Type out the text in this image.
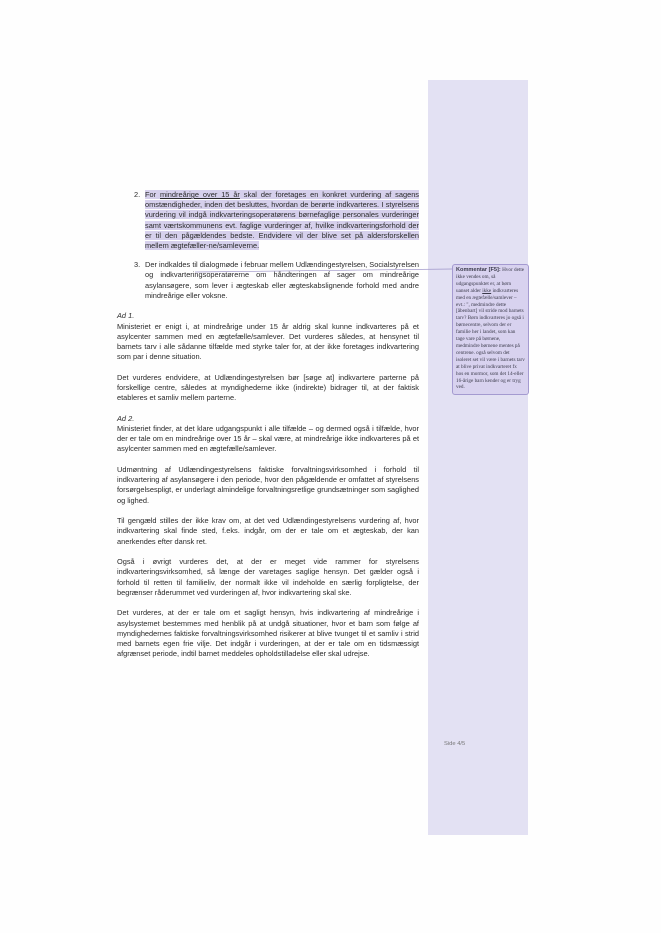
2. For mindreårige over 15 år skal der foretages en konkret vurdering af sagens omstændigheder, inden det besluttes, hvordan de berørte indkvarteres. I styrelsens vurdering vil indgå indkvarteringsoperatørens børnefaglige personales vurderinger samt værtskommunens evt. faglige vurderinger af, hvilke indkvarteringsforhold der er til den pågældendes bedste. Endvidere vil der blive set på aldersforskellen mellem ægtefæller-ne/samleverne.
3. Der indkaldes til dialogmøde i februar mellem Udlændingestyrelsen, Socialstyrelsen og indkvarteringsoperatørerne om håndteringen af sager om mindreårige asylansøgere, som lever i ægteskab eller ægteskabslignende forhold med andre mindreårige eller voksne.

Ad 1.

Ministeriet er enigt i, at mindreårige under 15 år aldrig skal kunne indkvarteres på et asylcenter sammen med en ægtefælle/samlever. Det vurderes således, at hensynet til barnets tarv i alle sådanne tilfælde med styrke taler for, at der ikke foretages indkvartering som par i denne situation.

Det vurderes endvidere, at Udlændingestyrelsen bør [søge at] indkvartere parterne på forskellige centre, således at myndighederne ikke (indirekte) bidrager til, at der faktisk etableres et samliv mellem parterne.

Ad 2.

Ministeriet finder, at det klare udgangspunkt i alle tilfælde – og dermed også i tilfælde, hvor der er tale om en mindreårige over 15 år – skal være, at mindreårige ikke indkvarteres på et asylcenter sammen med en ægtefælle/samlever.

Udmøntning af Udlændingestyrelsens faktiske forvaltningsvirksomhed i forhold til indkvartering af asylansøgere i den periode, hvor den pågældende er omfattet af styrelsens forsørgelsespligt, er underlagt almindelige forvaltningsretlige grundsætninger som saglighed og lighed.

Til gengæld stilles der ikke krav om, at det ved Udlændingestyrelsens vurdering af, hvor indkvartering skal finde sted, f.eks. indgår, om der er tale om et ægteskab, der kan anerkendes efter dansk ret.

Også i øvrigt vurderes det, at der er meget vide rammer for styrelsens indkvarteringsvirksomhed, så længe der varetages saglige hensyn. Det gælder også i forhold til retten til familieliv, der normalt ikke vil indeholde en særlig forpligtelse, der begrænser råderummet ved vurderingen af, hvor indkvartering skal ske.

Det vurderes, at der er tale om et sagligt hensyn, hvis indkvartering af mindreårige i asylsystemet bestemmes med henblik på at undgå situationer, hvor et barn som følge af myndighedernes faktiske forvaltningsvirksomhed risikerer at blive tvunget til et samliv i strid med barnets egen frie vilje. Det indgår i vurderingen, at der er tale om en tidsmæssigt afgrænset periode, indtil barnet meddeles opholdstilladelse eller skal udrejse.

Kommentar [F5]: Hvor dette ikke vendes om, så udgangspunktet er, at børn uanset alder ikke indkvarteres med en ægtefælle/samlever – evt.: ", medmindre dette [åbenbart] vil stride mod barnets tarv? Børn indkvarteres jo også i børnecentre, selvom der er familie her i landet, som kan tage vare på børnene, medmindre børnene mentes på centrene. også selvom det isoleret set vil være i barnets tarv at blive privat indkvarteret fx hos en mormor, som det 14-eller 16-årige barn kender og er tryg ved.
Side 4/5
